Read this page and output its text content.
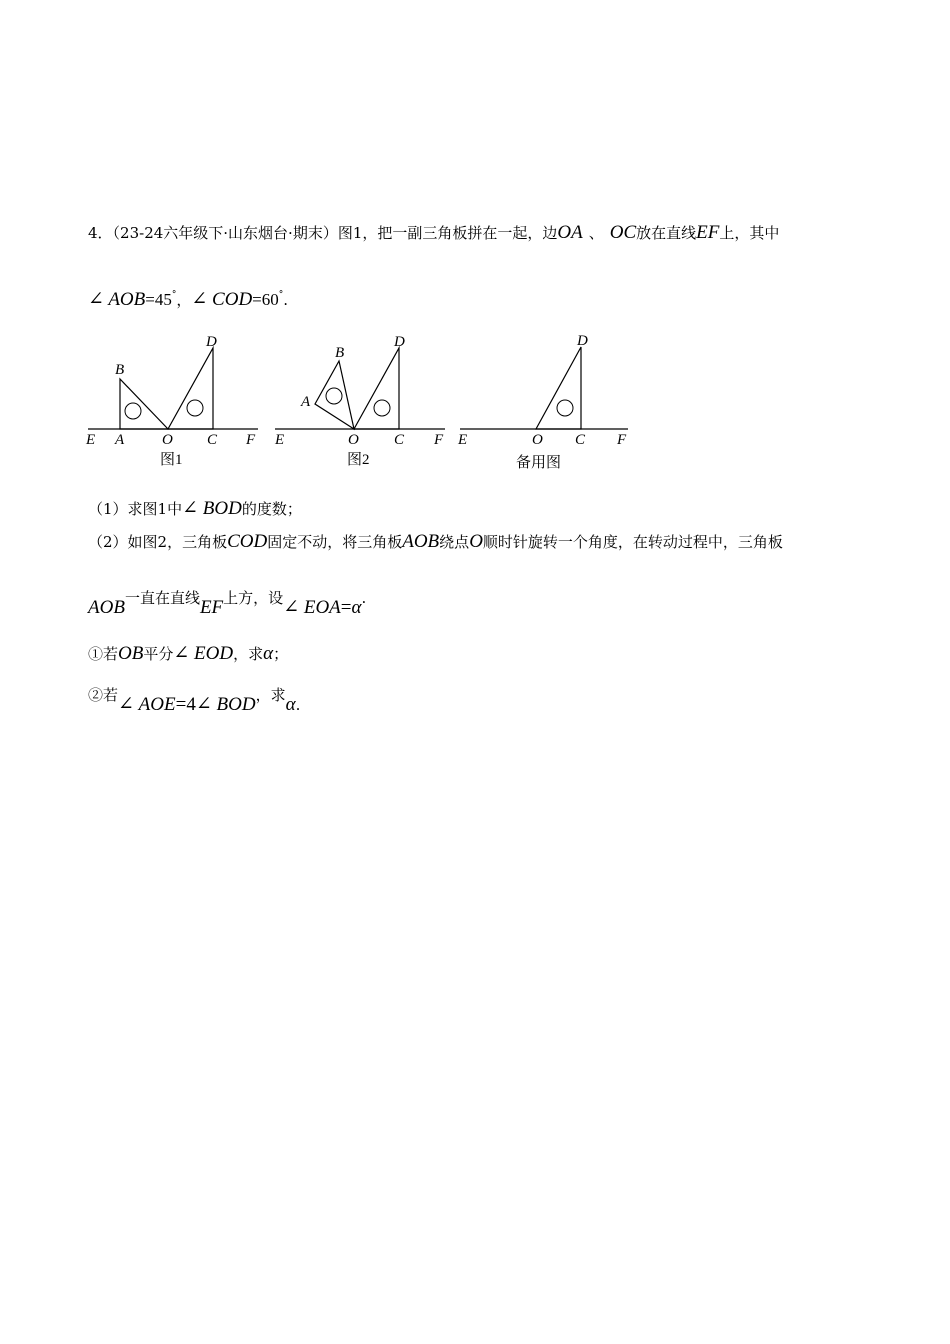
4．（23-24六年级下·山东烟台·期末）图1，把一副三角板拼在一起，边OA 、 OC放在直线EF上，其中
∠ AOB=45°，∠ COD=60°.
E A	O C F
B
D
图1
E
A
O C F
B
D
图2
E	O C F
D
备用图
（1）求图1中∠ BOD的度数；
（2）如图2，三角板COD固定不动，将三角板AOB绕点O顺时针旋转一个角度，在转动过程中，三角板
AOB一直在直线EF上方，设∠ EOA=α.
①若OB平分∠ EOD，求α；
②若∠ AOE=4∠ BOD，求α.
